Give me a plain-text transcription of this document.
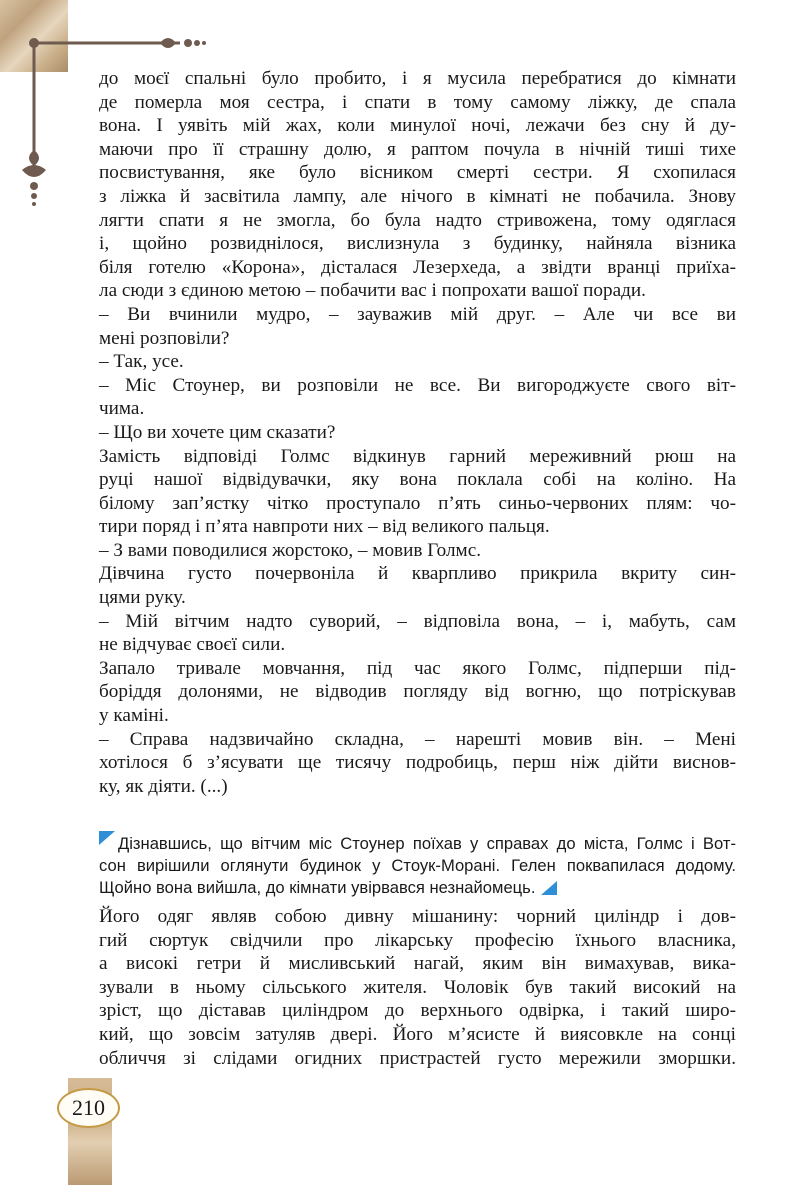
до моєї спальні було пробито, і я мусила перебратися до кімнати

де померла моя сестра, і спати в тому самому ліжку, де спала

вона. І уявіть мій жах, коли минулої ночі, лежачи без сну й ду-

маючи про її страшну долю, я раптом почула в нічній тиші тихе

посвистування, яке було вісником смерті сестри. Я схопилася

з ліжка й засвітила лампу, але нічого в кімнаті не побачила. Знову

лягти спати я не змогла, бо була надто стривожена, тому одяглася

і, щойно розвиднілося, вислизнула з будинку, найняла візника

біля готелю «Корона», дісталася Лезерхеда, а звідти вранці приїха-

ла сюди з єдиною метою – побачити вас і попрохати вашої поради.

– Ви вчинили мудро, – зауважив мій друг. – Але чи все ви

мені розповіли?

– Так, усе.

– Міс Стоунер, ви розповіли не все. Ви вигороджуєте свого віт-

чима.

– Що ви хочете цим сказати?

Замість відповіді Голмс відкинув гарний мереживний рюш на

руці нашої відвідувачки, яку вона поклала собі на коліно. На

білому зап’ястку чітко проступало п’ять синьо-червоних плям: чо-

тири поряд і п’ята навпроти них – від великого пальця.

– З вами поводилися жорстоко, – мовив Голмс.

Дівчина густо почервоніла й кваpпливо прикрила вкриту син-

цями руку.

– Мій вітчим надто суворий, – відповіла вона, – і, мабуть, сам

не відчуває своєї сили.

Запало тривале мовчання, під час якого Голмс, підперши під-

боріддя долонями, не відводив погляду від вогню, що потріскував

у каміні.

– Справа надзвичайно складна, – нарешті мовив він. – Мені

хотілося б з’ясувати ще тисячу подробиць, перш ніж дійти виснов-

ку, як діяти. (...)

Дізнавшись, що вітчим міс Стоунер поїхав у справах до міста, Голмс і Вот-

сон вирішили оглянути будинок у Стоук-Морані. Гелен поквапилася додому.

Щойно вона вийшла, до кімнати увірвався незнайомець.

Його одяг являв собою дивну мішанину: чорний циліндр і дов-

гий сюртук свідчили про лікарську професію їхнього власника,

а високі гетри й мисливський нагай, яким він вимахував, вика-

зували в ньому сільського жителя. Чоловік був такий високий на

зріст, що діставав циліндром до верхнього одвірка, і такий широ-

кий, що зовсім затуляв двері. Його м’ясисте й виясовкле на сонці

обличчя зі слідами огидних пристрастей густо мережили зморшки.

210
